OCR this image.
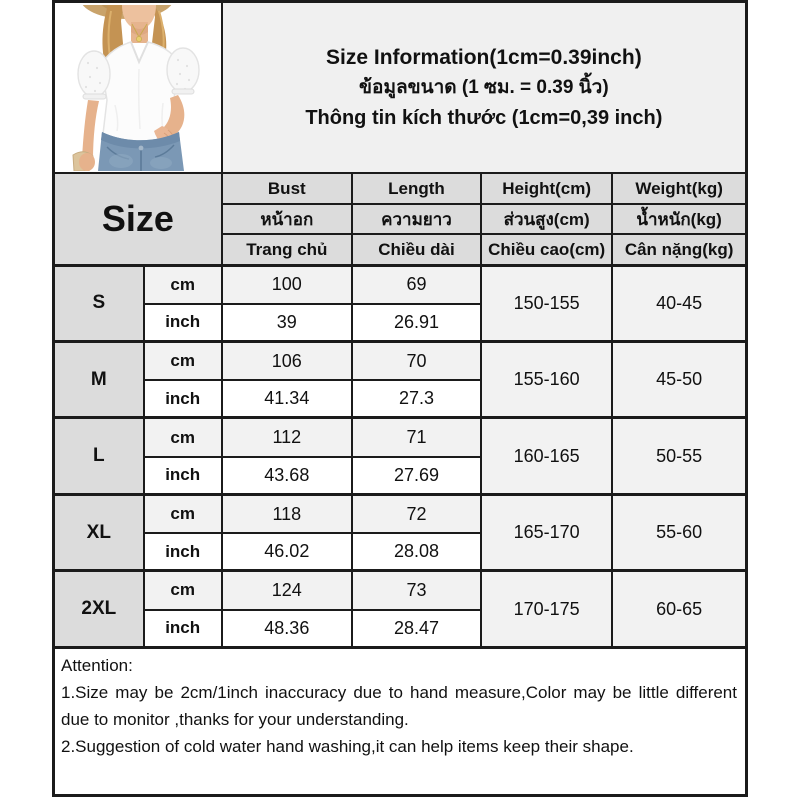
Size Information(1cm=0.39inch)
ข้อมูลขนาด (1 ซม. = 0.39 นิ้ว)
Thông tin kích thước (1cm=0,39 inch)			

Size		Bust	Length	Height(cm)	Weight(kg)
		หน้าอก	ความยาว	ส่วนสูง(cm)	น้ำหนัก(kg)
		Trang chủ	Chiều dài	Chiều cao(cm)	Cân nặng(kg)
S	cm	100	69	150-155	40-45
	inch	39	26.91		
M	cm	106	70	155-160	45-50
	inch	41.34	27.3		
L	cm	112	71	160-165	50-55
	inch	43.68	27.69		
XL	cm	118	72	165-170	55-60
	inch	46.02	28.08		
2XL	cm	124	73	170-175	60-65
	inch	48.36	28.47		
Attention:
1.Size may be 2cm/1inch inaccuracy due to hand measure,Color may be little different due to monitor ,thanks for your understanding.
2.Suggestion of cold water hand washing,it can help items keep their shape.
